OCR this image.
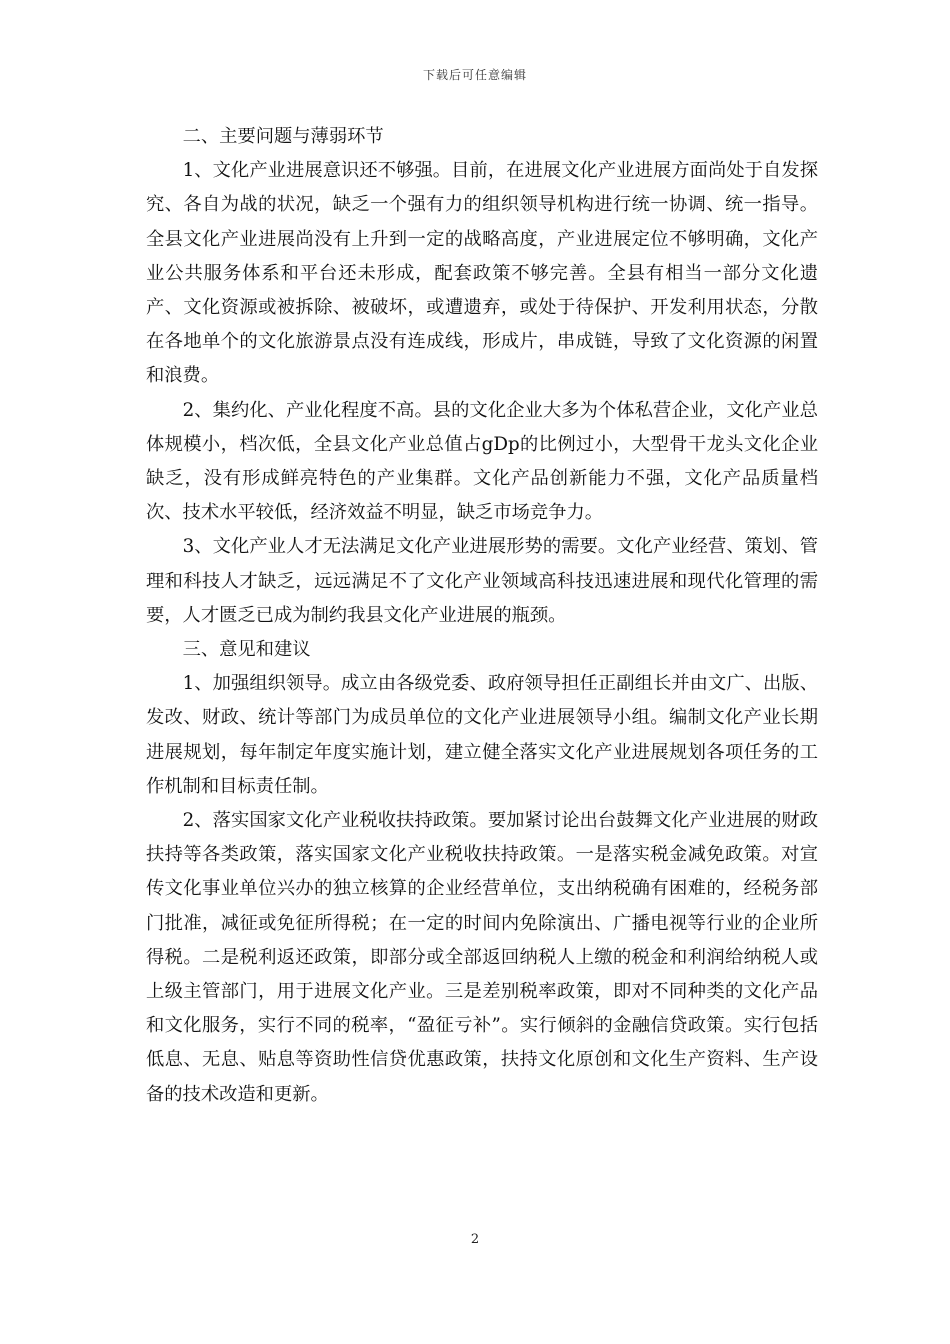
下载后可任意编辑

二、主要问题与薄弱环节

1、文化产业进展意识还不够强。目前，在进展文化产业进展方面尚处于自发探究、各自为战的状况，缺乏一个强有力的组织领导机构进行统一协调、统一指导。全县文化产业进展尚没有上升到一定的战略高度，产业进展定位不够明确，文化产业公共服务体系和平台还未形成，配套政策不够完善。全县有相当一部分文化遗产、文化资源或被拆除、被破坏，或遭遗弃，或处于待保护、开发利用状态，分散在各地单个的文化旅游景点没有连成线，形成片，串成链，导致了文化资源的闲置和浪费。

2、集约化、产业化程度不高。县的文化企业大多为个体私营企业，文化产业总体规模小，档次低，全县文化产业总值占gDp的比例过小，大型骨干龙头文化企业缺乏，没有形成鲜亮特色的产业集群。文化产品创新能力不强，文化产品质量档次、技术水平较低，经济效益不明显，缺乏市场竞争力。

3、文化产业人才无法满足文化产业进展形势的需要。文化产业经营、策划、管理和科技人才缺乏，远远满足不了文化产业领域高科技迅速进展和现代化管理的需要，人才匮乏已成为制约我县文化产业进展的瓶颈。

三、意见和建议

1、加强组织领导。成立由各级党委、政府领导担任正副组长并由文广、出版、发改、财政、统计等部门为成员单位的文化产业进展领导小组。编制文化产业长期进展规划，每年制定年度实施计划，建立健全落实文化产业进展规划各项任务的工作机制和目标责任制。

2、落实国家文化产业税收扶持政策。要加紧讨论出台鼓舞文化产业进展的财政扶持等各类政策，落实国家文化产业税收扶持政策。一是落实税金减免政策。对宣传文化事业单位兴办的独立核算的企业经营单位，支出纳税确有困难的，经税务部门批准，减征或免征所得税；在一定的时间内免除演出、广播电视等行业的企业所得税。二是税利返还政策，即部分或全部返回纳税人上缴的税金和利润给纳税人或上级主管部门，用于进展文化产业。三是差别税率政策，即对不同种类的文化产品和文化服务，实行不同的税率，“盈征亏补”。实行倾斜的金融信贷政策。实行包括低息、无息、贴息等资助性信贷优惠政策，扶持文化原创和文化生产资料、生产设备的技术改造和更新。

2
